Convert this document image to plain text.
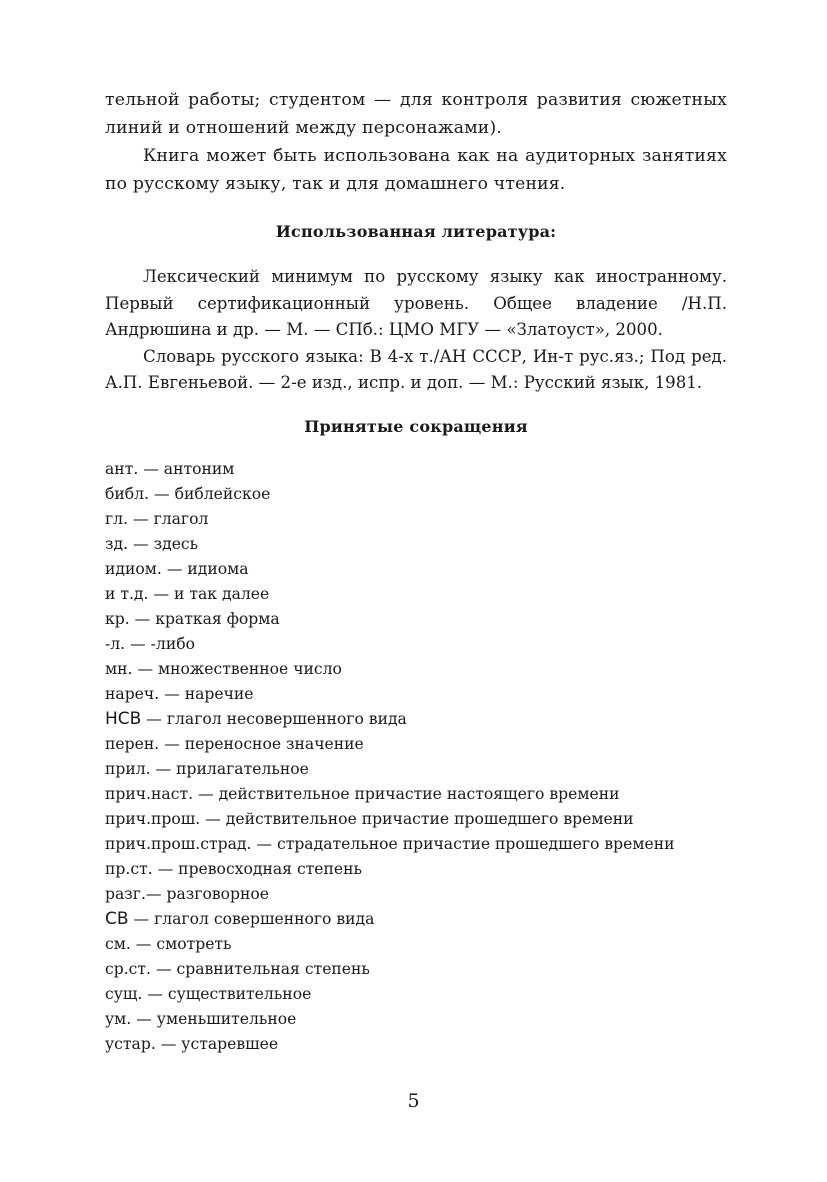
тельной работы; студентом — для контроля развития сюжетных линий и отношений между персонажами).

Книга может быть использована как на аудиторных занятиях по русскому языку, так и для домашнего чтения.

Использованная литература:

Лексический минимум по русскому языку как иностранному. Первый сертификационный уровень. Общее владение /Н.П. Андрюшина и др. — М. — СПб.: ЦМО МГУ — «Златоуст», 2000.

Словарь русского языка: В 4-х т./АН СССР, Ин-т рус.яз.; Под ред. А.П. Евгеньевой. — 2-е изд., испр. и доп. — М.: Русский язык, 1981.

Принятые сокращения
ант. — антоним
библ. — библейское
гл. — глагол
зд. — здесь
идиом. — идиома
и т.д. — и так далее
кр. — краткая форма
-л. — -либо
мн. — множественное число
нареч. — наречие
НСВ — глагол несовершенного вида
перен. — переносное значение
прил. — прилагательное
прич.наст. — действительное причастие настоящего времени
прич.прош. — действительное причастие прошедшего времени
прич.прош.страд. — страдательное причастие прошедшего времени
пр.ст. — превосходная степень
разг.— разговорное
СВ — глагол совершенного вида
см. — смотреть
ср.ст. — сравнительная степень
сущ. — существительное
ум. — уменьшительное
устар. — устаревшее
5
